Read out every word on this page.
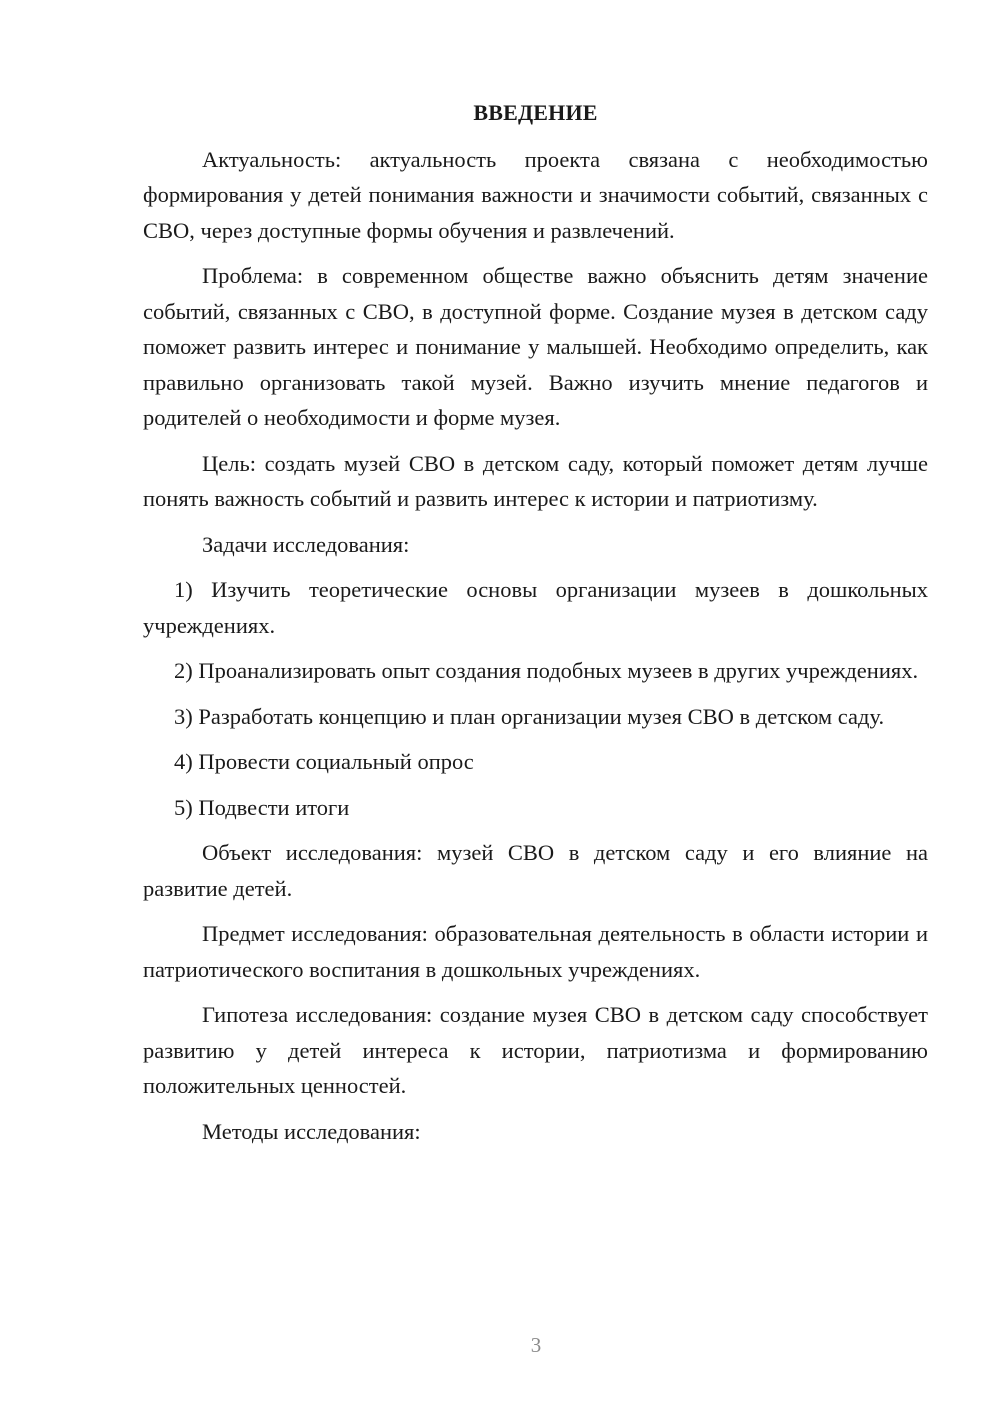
ВВЕДЕНИЕ

Актуальность: актуальность проекта связана с необходимостью формирования у детей понимания важности и значимости событий, связанных с СВО, через доступные формы обучения и развлечений.

Проблема: в современном обществе важно объяснить детям значение событий, связанных с СВО, в доступной форме. Создание музея в детском саду поможет развить интерес и понимание у малышей. Необходимо определить, как правильно организовать такой музей. Важно изучить мнение педагогов и родителей о необходимости и форме музея.

Цель: создать музей СВО в детском саду, который поможет детям лучше понять важность событий и развить интерес к истории и патриотизму.

Задачи исследования:

1) Изучить теоретические основы организации музеев в дошкольных учреждениях.

2) Проанализировать опыт создания подобных музеев в других учреждениях.

3) Разработать концепцию и план организации музея СВО в детском саду.

4) Провести социальный опрос

5) Подвести итоги

Объект исследования: музей СВО в детском саду и его влияние на развитие детей.

Предмет исследования: образовательная деятельность в области истории и патриотического воспитания в дошкольных учреждениях.

Гипотеза исследования: создание музея СВО в детском саду способствует развитию у детей интереса к истории, патриотизма и формированию положительных ценностей.

Методы исследования:

3
